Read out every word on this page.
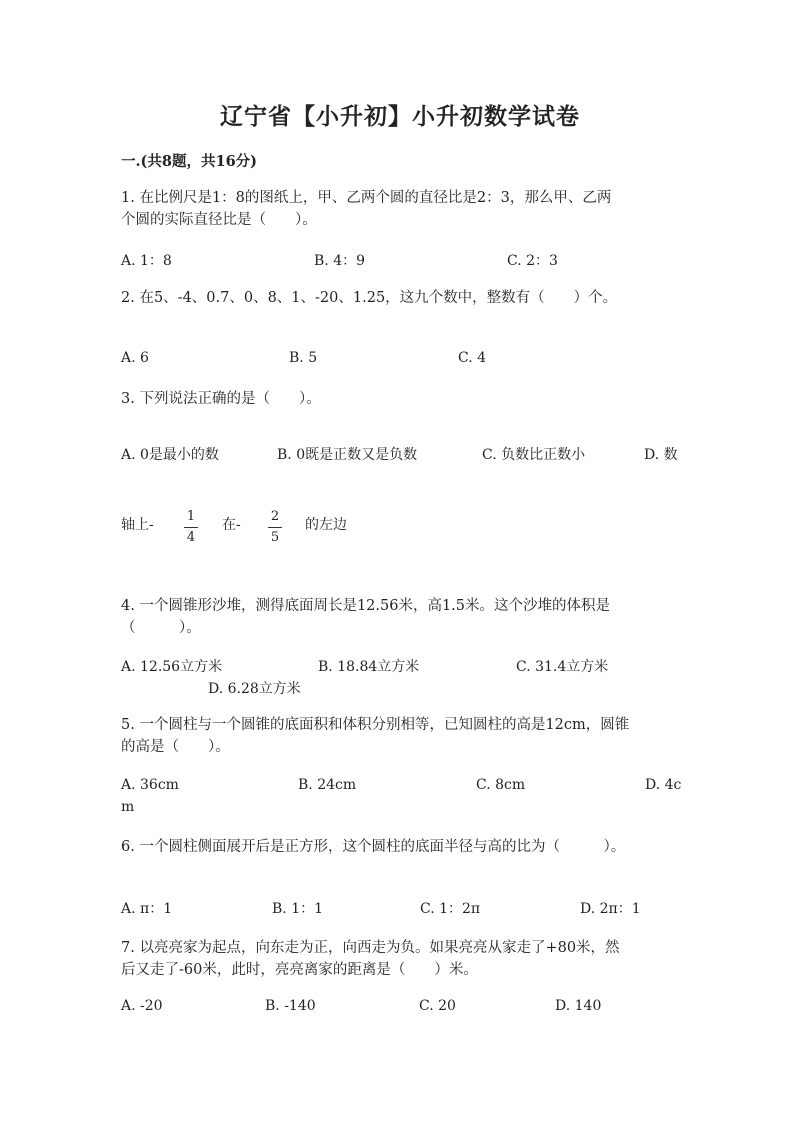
辽宁省【小升初】小升初数学试卷
一.(共8题，共16分)
1. 在比例尺是1：8的图纸上，甲、乙两个圆的直径比是2：3，那么甲、乙两
个圆的实际直径比是（　　）。
A. 1：8	B. 4：9	C. 2：3
2. 在5、-4、0.7、0、8、1、-20、1.25，这九个数中，整数有（　　）个。
A. 6	B. 5	C. 4
3. 下列说法正确的是（　　）。
A. 0是最小的数	B. 0既是正数又是负数	C. 负数比正数小	D. 数
轴上-
1
4
在-
2
5
的左边
4. 一个圆锥形沙堆，测得底面周长是12.56米，高1.5米。这个沙堆的体积是
（　　　）。
A. 12.56立方米	B. 18.84立方米	C. 31.4立方米
D. 6.28立方米
5. 一个圆柱与一个圆锥的底面积和体积分别相等，已知圆柱的高是12cm，圆锥
的高是（　　）。
A. 36cm	B. 24cm	C. 8cm	D. 4c
m
6. 一个圆柱侧面展开后是正方形，这个圆柱的底面半径与高的比为（　　　）。
A. π：1	B. 1：1	C. 1：2π	D. 2π：1
7. 以亮亮家为起点，向东走为正，向西走为负。如果亮亮从家走了+80米，然
后又走了-60米，此时，亮亮离家的距离是（　　）米。
A. -20	B. -140	C. 20	D. 140
